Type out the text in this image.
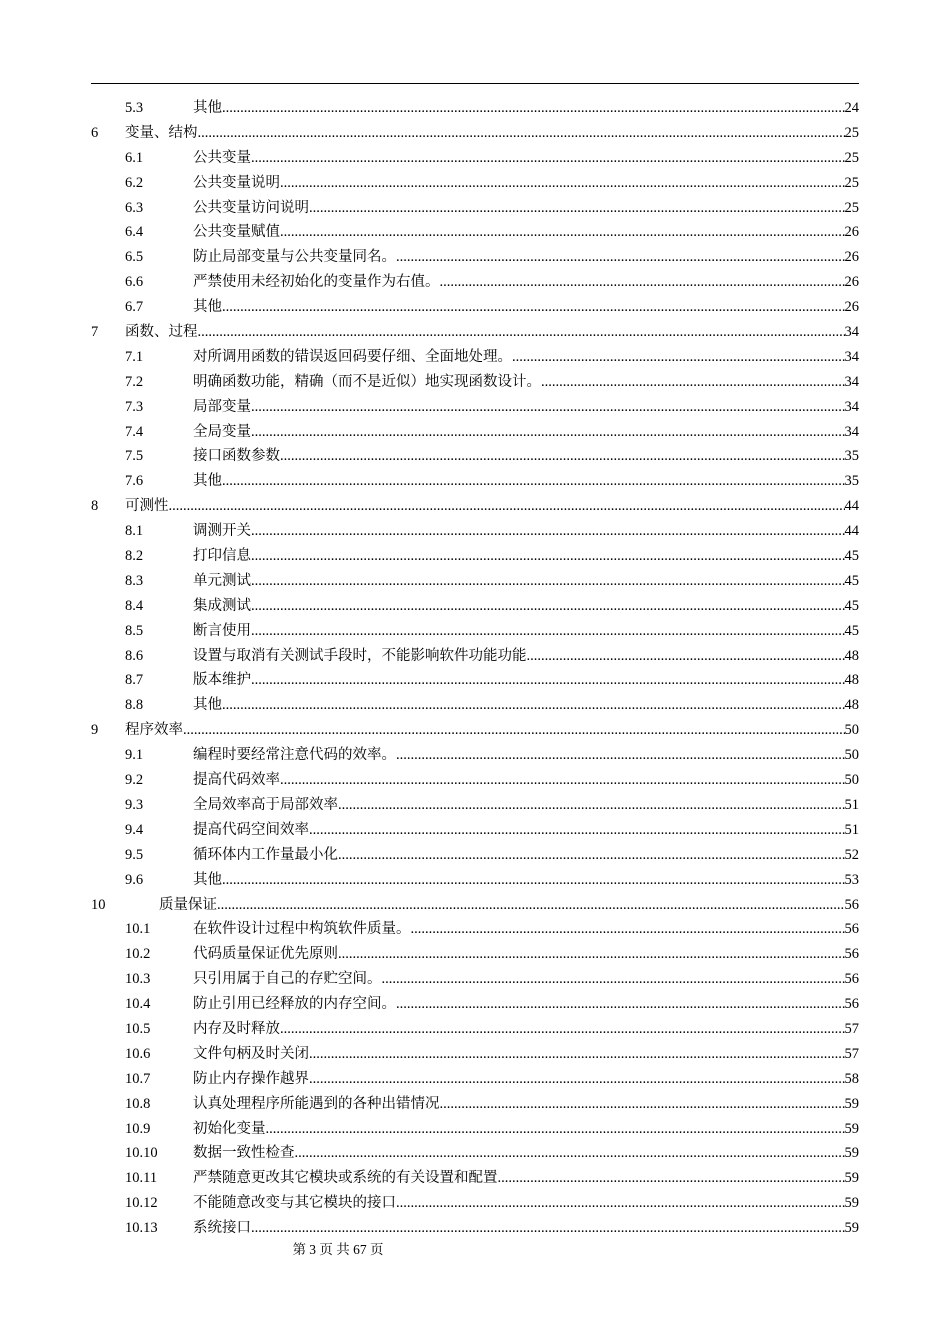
5.3	其他 .....	24
6 变量、结构 .....	25
6.1	公共变量 .....	25
6.2	公共变量说明 .....	25
6.3	公共变量访问说明 .....	25
6.4	公共变量赋值 .....	26
6.5	防止局部变量与公共变量同名。 .....	26
6.6	严禁使用未经初始化的变量作为右值。 .....	26
6.7	其他 .....	26
7 函数、过程 .....	34
7.1	对所调用函数的错误返回码要仔细、全面地处理。 .....	34
7.2	明确函数功能，精确（而不是近似）地实现函数设计。 .....	34
7.3	局部变量 .....	34
7.4	全局变量 .....	34
7.5	接口函数参数 .....	35
7.6	其他 .....	35
8 可测性 .....	44
8.1	调测开关 .....	44
8.2	打印信息 .....	45
8.3	单元测试 .....	45
8.4	集成测试 .....	45
8.5	断言使用 .....	45
8.6	设置与取消有关测试手段时，不能影响软件功能功能 .....	48
8.7	版本维护 .....	48
8.8	其他 .....	48
9 程序效率 .....	50
9.1	编程时要经常注意代码的效率。 .....	50
9.2	提高代码效率 .....	50
9.3	全局效率高于局部效率 .....	51
9.4	提高代码空间效率 .....	51
9.5	循环体内工作量最小化 .....	52
9.6	其他 .....	53
10	质量保证 .....	56
10.1	在软件设计过程中构筑软件质量。 .....	56
10.2	代码质量保证优先原则 .....	56
10.3	只引用属于自己的存贮空间。 .....	56
10.4	防止引用已经释放的内存空间。 .....	56
10.5	内存及时释放 .....	57
10.6	文件句柄及时关闭 .....	57
10.7	防止内存操作越界 .....	58
10.8	认真处理程序所能遇到的各种出错情况 .....	59
10.9	初始化变量 .....	59
10.10 数据一致性检查 .....	59
10.11 严禁随意更改其它模块或系统的有关设置和配置 .....	59
10.12 不能随意改变与其它模块的接口 .....	59
10.13 系统接口 .....	59
第 3 页 共 67 页
